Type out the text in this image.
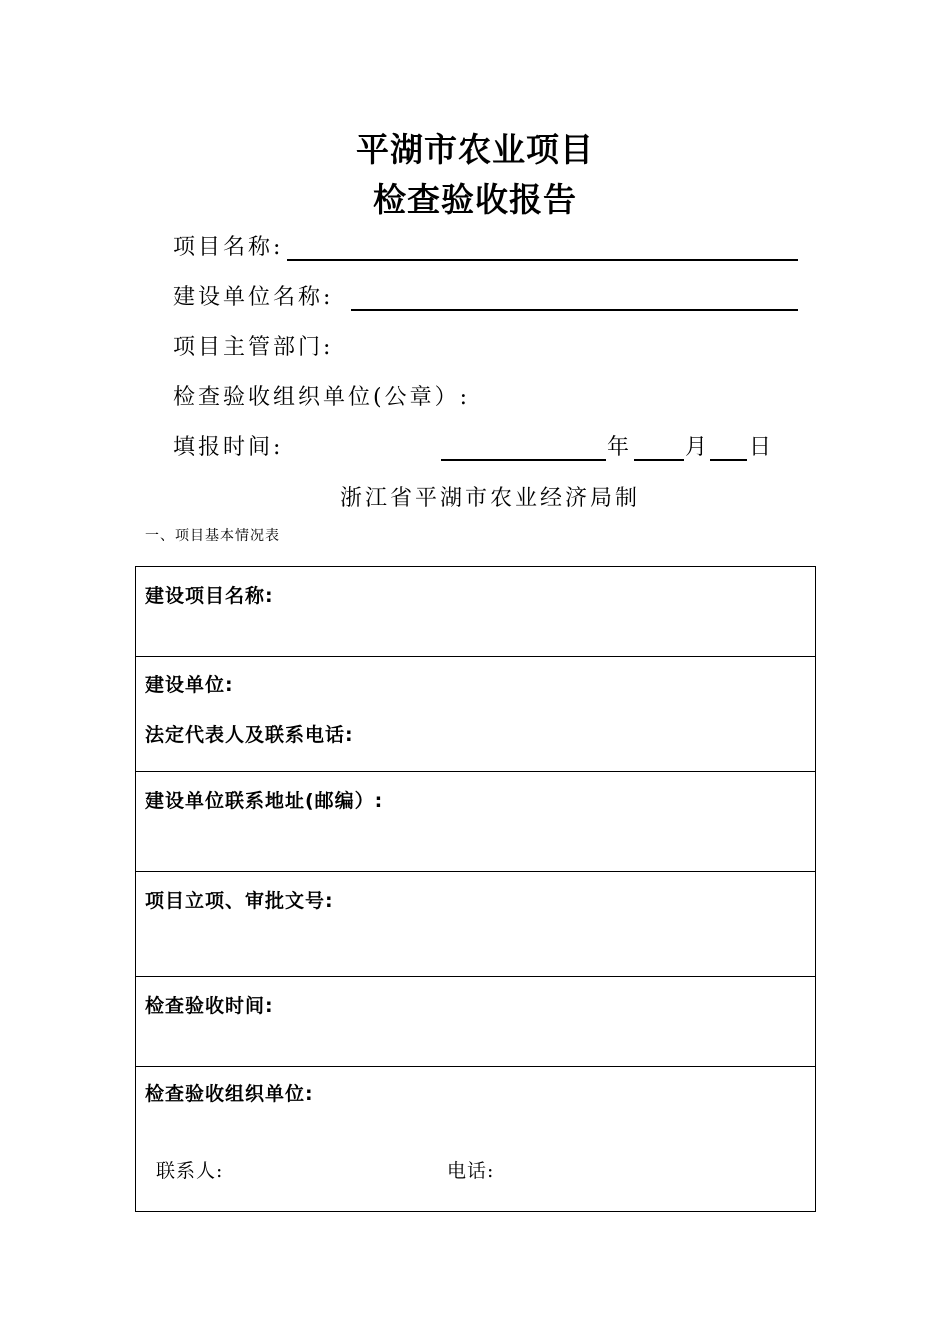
平湖市农业项目
检查验收报告
项目名称:
建设单位名称:
项目主管部门:
检查验收组织单位(公章）:
填报时间:	年 月 日
浙江省平湖市农业经济局制
一、项目基本情况表
建设项目名称:
建设单位:
法定代表人及联系电话:
建设单位联系地址(邮编）:
项目立项、审批文号:
检查验收时间:
检查验收组织单位:
联系人:	电话:
